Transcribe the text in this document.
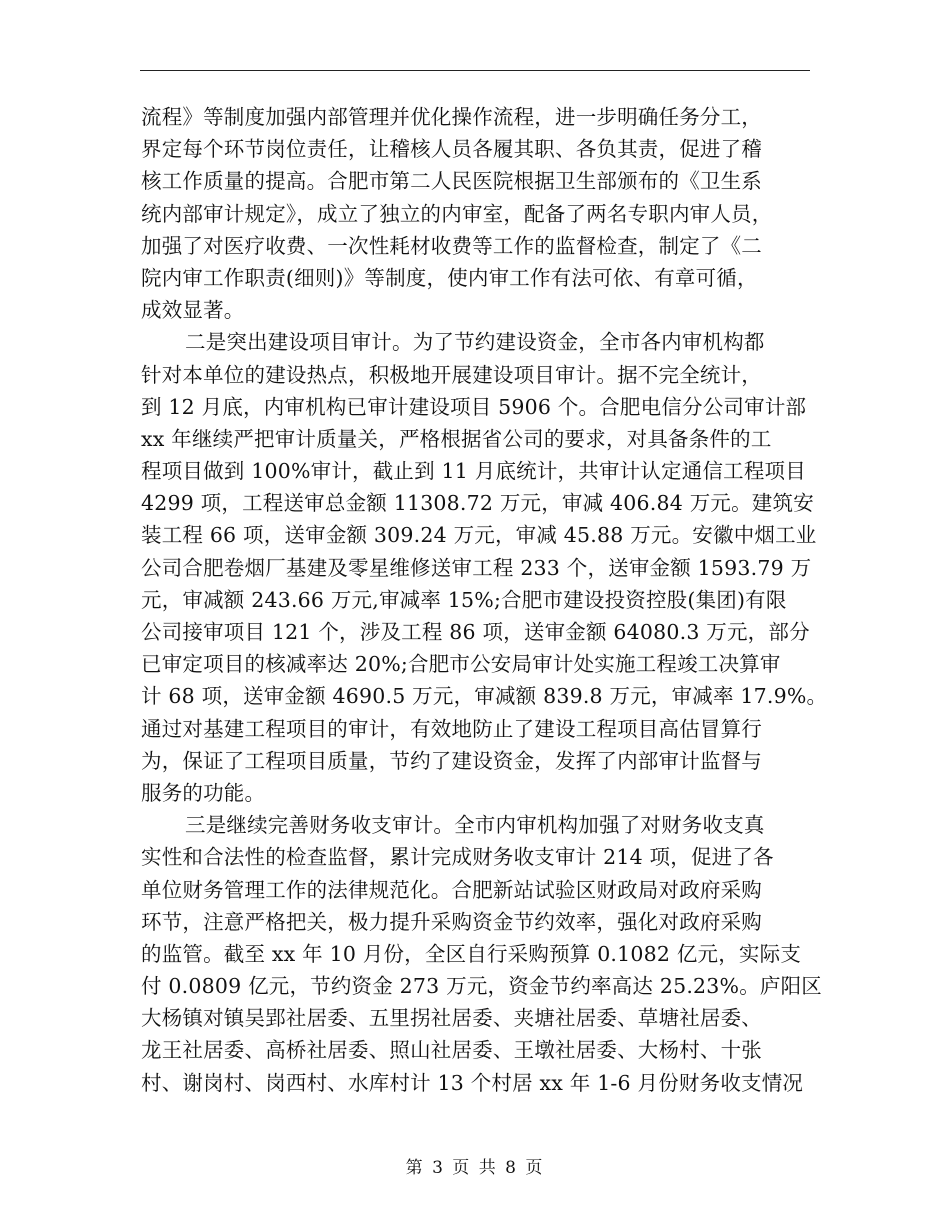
流程》等制度加强内部管理并优化操作流程，进一步明确任务分工，
界定每个环节岗位责任，让稽核人员各履其职、各负其责，促进了稽
核工作质量的提高。合肥市第二人民医院根据卫生部颁布的《卫生系
统内部审计规定》，成立了独立的内审室，配备了两名专职内审人员，
加强了对医疗收费、一次性耗材收费等工作的监督检查，制定了《二
院内审工作职责(细则)》等制度，使内审工作有法可依、有章可循，
成效显著。
二是突出建设项目审计。为了节约建设资金，全市各内审机构都
针对本单位的建设热点，积极地开展建设项目审计。据不完全统计，
到 12 月底，内审机构已审计建设项目 5906 个。合肥电信分公司审计部
xx 年继续严把审计质量关，严格根据省公司的要求，对具备条件的工
程项目做到 100%审计，截止到 11 月底统计，共审计认定通信工程项目
4299 项，工程送审总金额 11308.72 万元，审减 406.84 万元。建筑安
装工程 66 项，送审金额 309.24 万元，审减 45.88 万元。安徽中烟工业
公司合肥卷烟厂基建及零星维修送审工程 233 个，送审金额 1593.79 万
元，审减额 243.66 万元,审减率 15%;合肥市建设投资控股(集团)有限
公司接审项目 121 个，涉及工程 86 项，送审金额 64080.3 万元，部分
已审定项目的核减率达 20%;合肥市公安局审计处实施工程竣工决算审
计 68 项，送审金额 4690.5 万元，审减额 839.8 万元，审减率 17.9%。
通过对基建工程项目的审计，有效地防止了建设工程项目高估冒算行
为，保证了工程项目质量，节约了建设资金，发挥了内部审计监督与
服务的功能。
三是继续完善财务收支审计。全市内审机构加强了对财务收支真
实性和合法性的检查监督，累计完成财务收支审计 214 项，促进了各
单位财务管理工作的法律规范化。合肥新站试验区财政局对政府采购
环节，注意严格把关，极力提升采购资金节约效率，强化对政府采购
的监管。截至 xx 年 10 月份，全区自行采购预算 0.1082 亿元，实际支
付 0.0809 亿元，节约资金 273 万元，资金节约率高达 25.23%。庐阳区
大杨镇对镇吴郢社居委、五里拐社居委、夹塘社居委、草塘社居委、
龙王社居委、高桥社居委、照山社居委、王墩社居委、大杨村、十张
村、谢岗村、岗西村、水库村计 13 个村居 xx 年 1-6 月份财务收支情况
第 3 页 共 8 页
